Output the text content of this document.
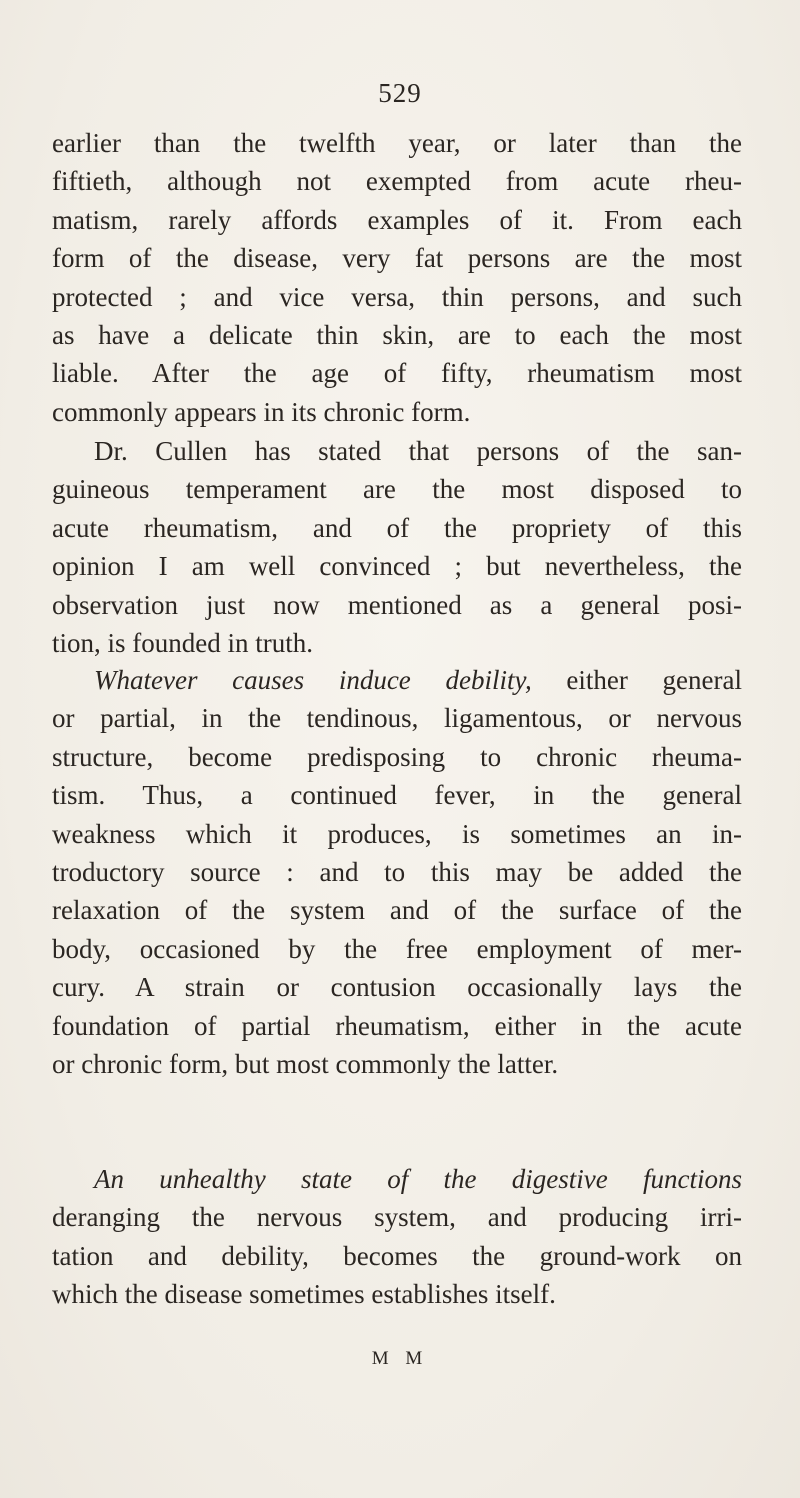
529
earlier than the twelfth year, or later than the
fiftieth, although not exempted from acute rheu-
matism, rarely affords examples of it. From each
form of the disease, very fat persons are the most
protected ; and vice versa, thin persons, and such
as have a delicate thin skin, are to each the most
liable. After the age of fifty, rheumatism most
commonly appears in its chronic form.
Dr. Cullen has stated that persons of the san-
guineous temperament are the most disposed to
acute rheumatism, and of the propriety of this
opinion I am well convinced ; but nevertheless, the
observation just now mentioned as a general posi-
tion, is founded in truth.
Whatever causes induce debility, either general
or partial, in the tendinous, ligamentous, or nervous
structure, become predisposing to chronic rheuma-
tism. Thus, a continued fever, in the general
weakness which it produces, is sometimes an in-
troductory source : and to this may be added the
relaxation of the system and of the surface of the
body, occasioned by the free employment of mer-
cury. A strain or contusion occasionally lays the
foundation of partial rheumatism, either in the acute
or chronic form, but most commonly the latter.
An unhealthy state of the digestive functions
deranging the nervous system, and producing irri-
tation and debility, becomes the ground-work on
which the disease sometimes establishes itself.
M M
